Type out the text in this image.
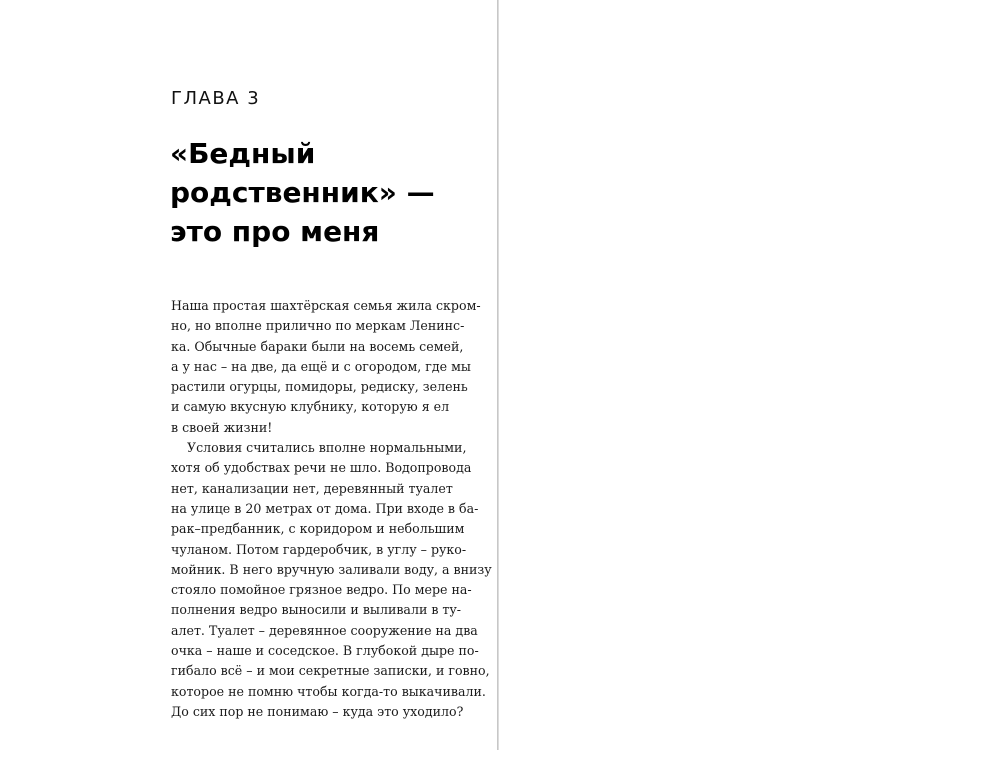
ГЛАВА 3
«Бедный
родственник» —
это про меня
Наша простая шахтёрская семья жила скром-
но, но вполне прилично по меркам Ленинс-
ка. Обычные бараки были на восемь семей,
а у нас – на две, да ещё и с огородом, где мы
растили огурцы, помидоры, редиску, зелень
и самую вкусную клубнику, которую я ел
в своей жизни!
Условия считались вполне нормальными,
хотя об удобствах речи не шло. Водопровода
нет, канализации нет, деревянный туалет
на улице в 20 метрах от дома. При входе в ба-
рак–предбанник, с коридором и небольшим
чуланом. Потом гардеробчик, в углу – руко-
мойник. В него вручную заливали воду, а внизу
стояло помойное грязное ведро. По мере на-
полнения ведро выносили и выливали в ту-
алет. Туалет – деревянное сооружение на два
очка – наше и соседское. В глубокой дыре по-
гибало всё – и мои секретные записки, и говно,
которое не помню чтобы когда-то выкачивали.
До сих пор не понимаю – куда это уходило?
